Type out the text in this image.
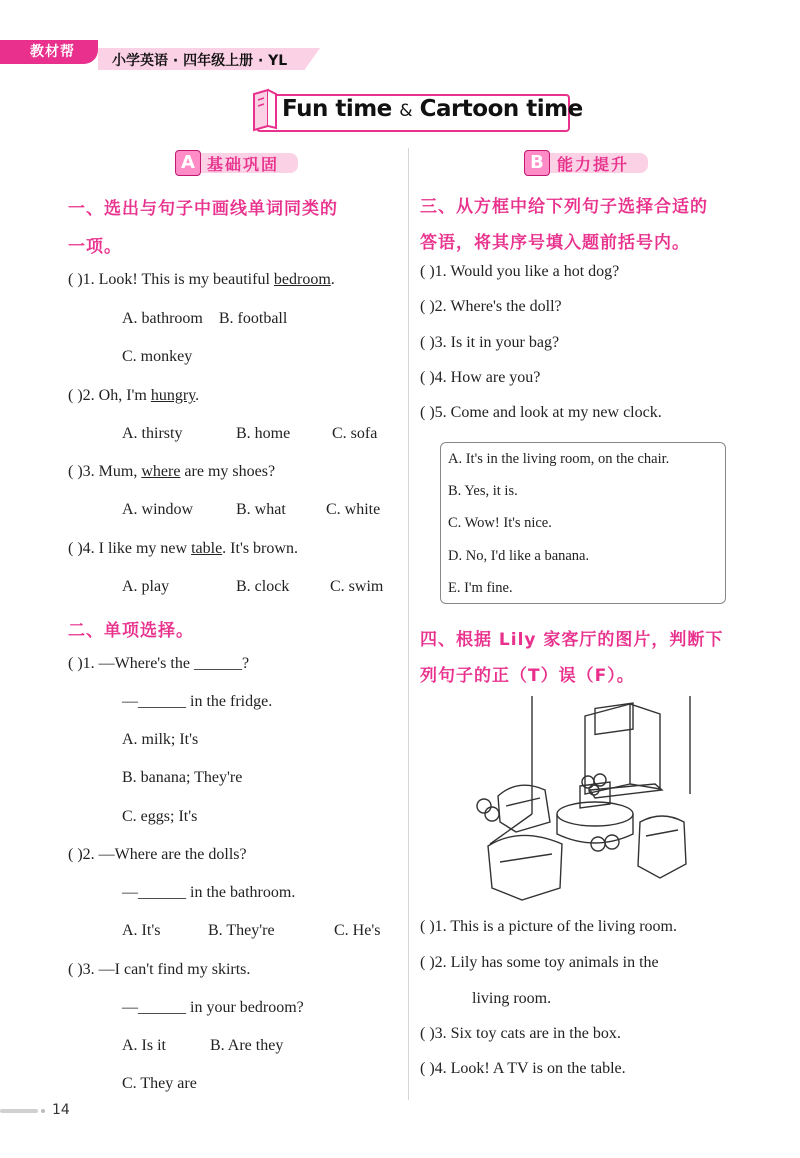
教材帮
小学英语 · 四年级上册 · YL
Fun time & Cartoon time
A 基础巩固	B 能力提升
一、选出与句子中画线单词同类的
一项。
( )1. Look! This is my beautiful bedroom.
A. bathroom    B. football
C. monkey
( )2. Oh, I'm hungry.
A. thirsty	B. home	C. sofa
( )3. Mum, where are my shoes?
A. window	B. what	C. white
( )4. I like my new table. It's brown.
A. play	B. clock	C. swim
二、单项选择。
( )1. —Where's the ______?
—______ in the fridge.
A. milk; It's
B. banana; They're
C. eggs; It's
( )2. —Where are the dolls?
—______ in the bathroom.
A. It's	B. They're	C. He's
( )3. —I can't find my skirts.
—______ in your bedroom?
A. Is it	B. Are they
C. They are
三、从方框中给下列句子选择合适的
答语，将其序号填入题前括号内。
( )1. Would you like a hot dog?
( )2. Where's the doll?
( )3. Is it in your bag?
( )4. How are you?
( )5. Come and look at my new clock.
A. It's in the living room, on the chair.
B. Yes, it is.
C. Wow! It's nice.
D. No, I'd like a banana.
E. I'm fine.
四、根据 Lily 家客厅的图片，判断下
列句子的正（T）误（F）。
( )1. This is a picture of the living room.
( )2. Lily has some toy animals in the
living room.
( )3. Six toy cats are in the box.
( )4. Look! A TV is on the table.
14
